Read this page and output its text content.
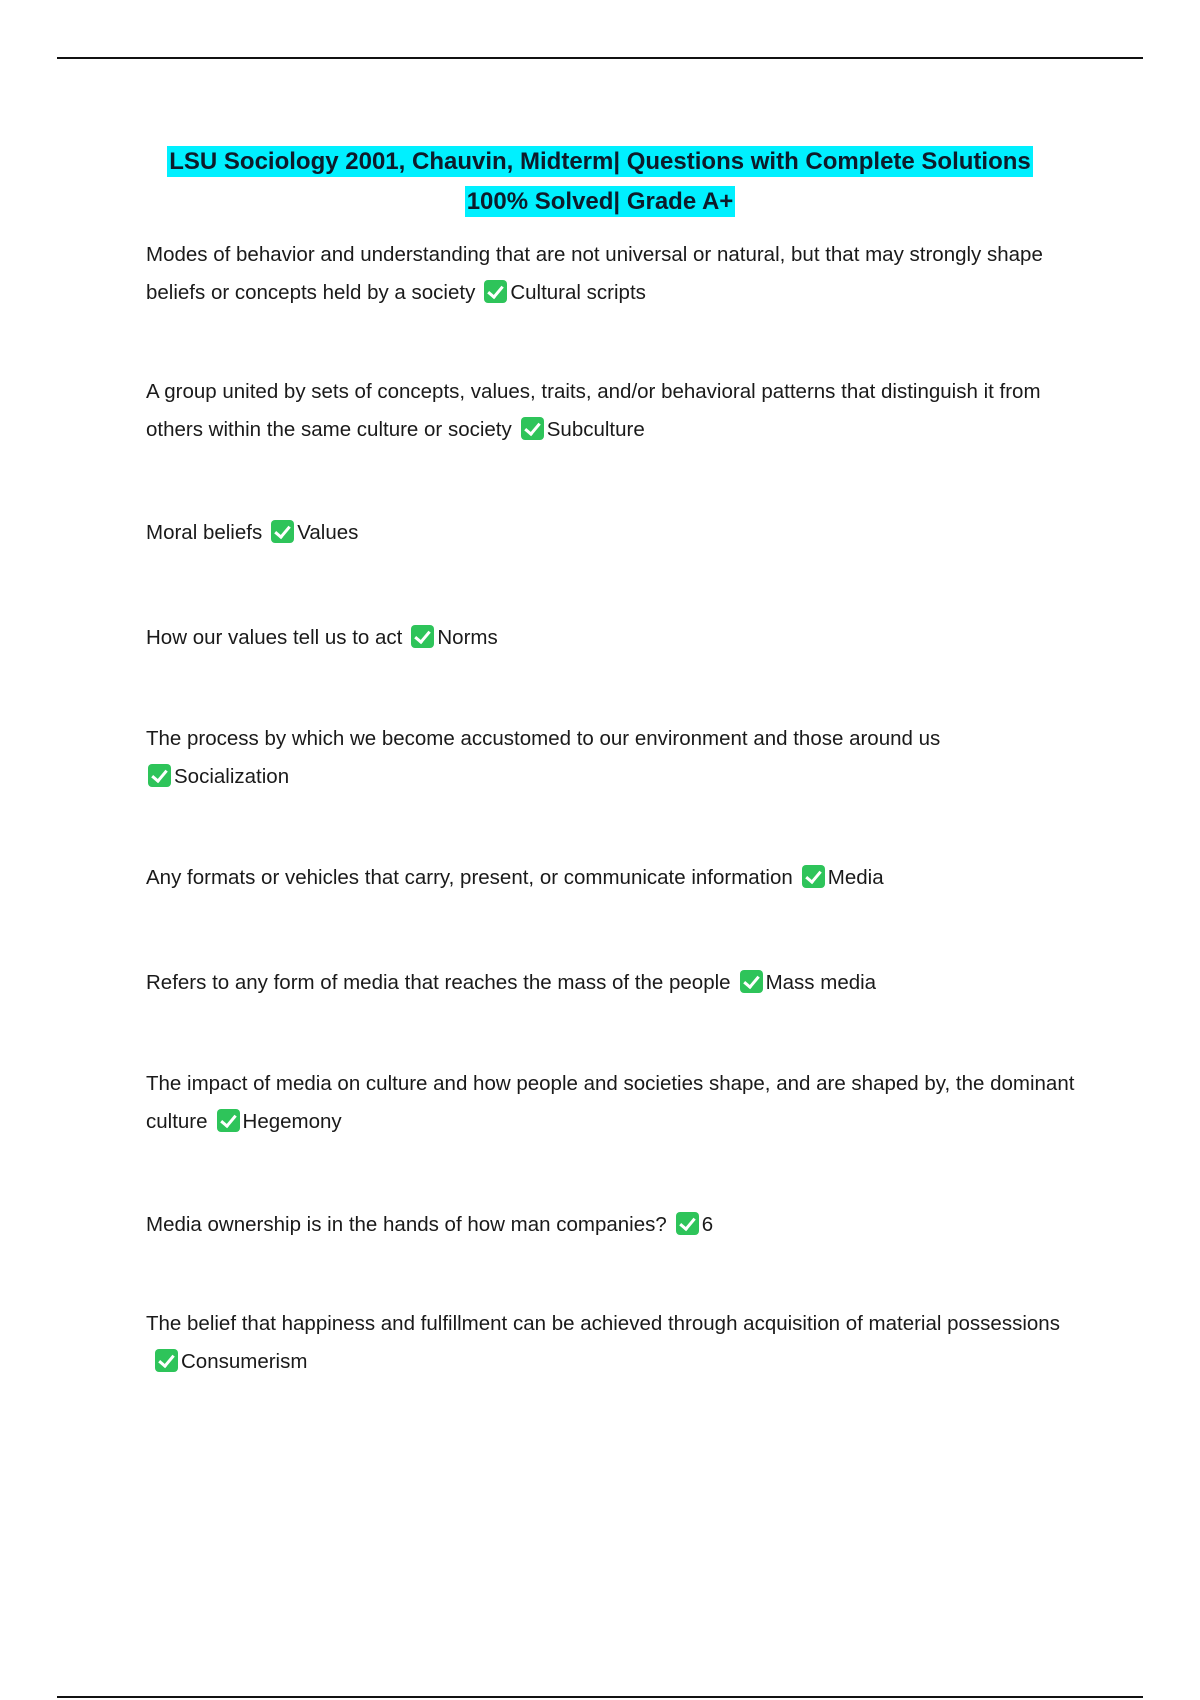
LSU Sociology 2001, Chauvin, Midterm| Questions with Complete Solutions
100% Solved| Grade A+
Modes of behavior and understanding that are not universal or natural, but that may strongly shape beliefs or concepts held by a society Cultural scripts
A group united by sets of concepts, values, traits, and/or behavioral patterns that distinguish it from others within the same culture or society Subculture
Moral beliefs Values
How our values tell us to act Norms
The process by which we become accustomed to our environment and those around us
Socialization
Any formats or vehicles that carry, present, or communicate information Media
Refers to any form of media that reaches the mass of the people Mass media
The impact of media on culture and how people and societies shape, and are shaped by, the dominant culture Hegemony
Media ownership is in the hands of how man companies? 6
The belief that happiness and fulfillment can be achieved through acquisition of material possessionsConsumerism
